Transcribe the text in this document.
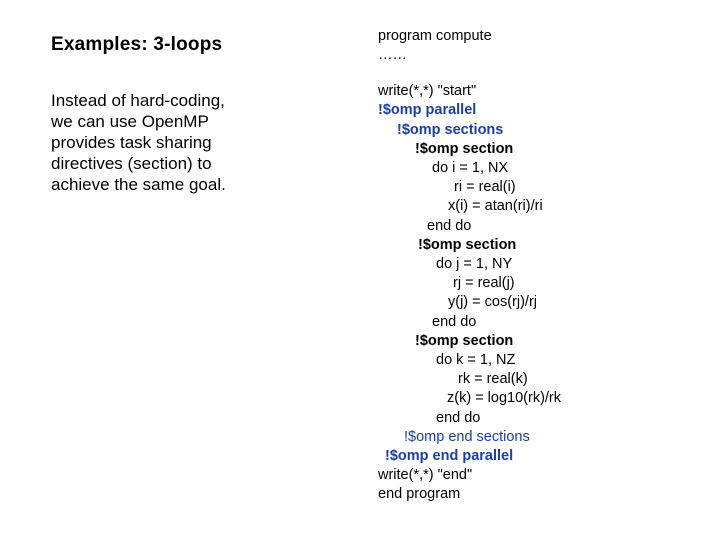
Examples: 3-loops
Instead of hard-coding,
we can use OpenMP
provides task sharing
directives (section) to
achieve the same goal.
program compute
……
write(*,*) "start"
!$omp parallel
!$omp sections
!$omp section
do i = 1, NX
ri = real(i)
x(i) = atan(ri)/ri
end do
!$omp section
do j = 1, NY
rj = real(j)
y(j) = cos(rj)/rj
end do
!$omp section
do k = 1, NZ
rk = real(k)
z(k) = log10(rk)/rk
end do
!$omp end sections
!$omp end parallel
write(*,*) "end"
end program
